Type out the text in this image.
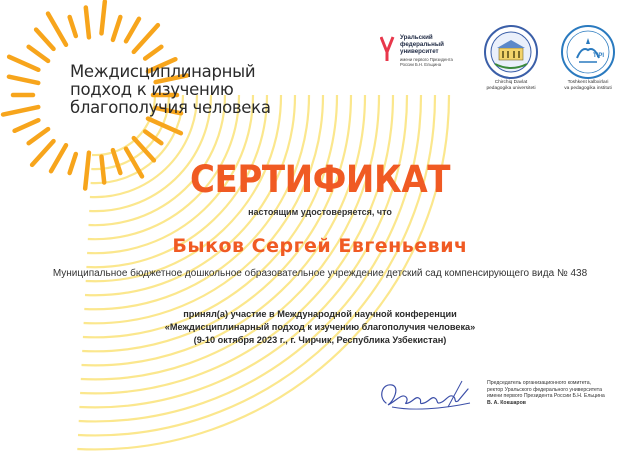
Междисциплинарный
подход к изучению
благополучия человека
Уральский
федеральный
университет
имени первого Президента
России Б.Н. Ельцина
Chirchiq Davlat
pedagogika universiteti
TIPI
Toshkent kalbxirlari
va pedagogika instituti
СЕРТИФИКАТ
настоящим удостоверяется, что
Быков Сергей Евгеньевич
Муниципальное бюджетное дошкольное образовательное учреждение детский сад компенсирующего вида № 438
принял(а) участие в Международной научной конференции
«Междисциплинарный подход к изучению благополучия человека»
(9-10 октября 2023 г., г. Чирчик, Республика Узбекистан)
Председатель организационного комитета,
ректор Уральского федерального университета
имени первого Президента России Б.Н. Ельцина
В. А. Кокшаров
